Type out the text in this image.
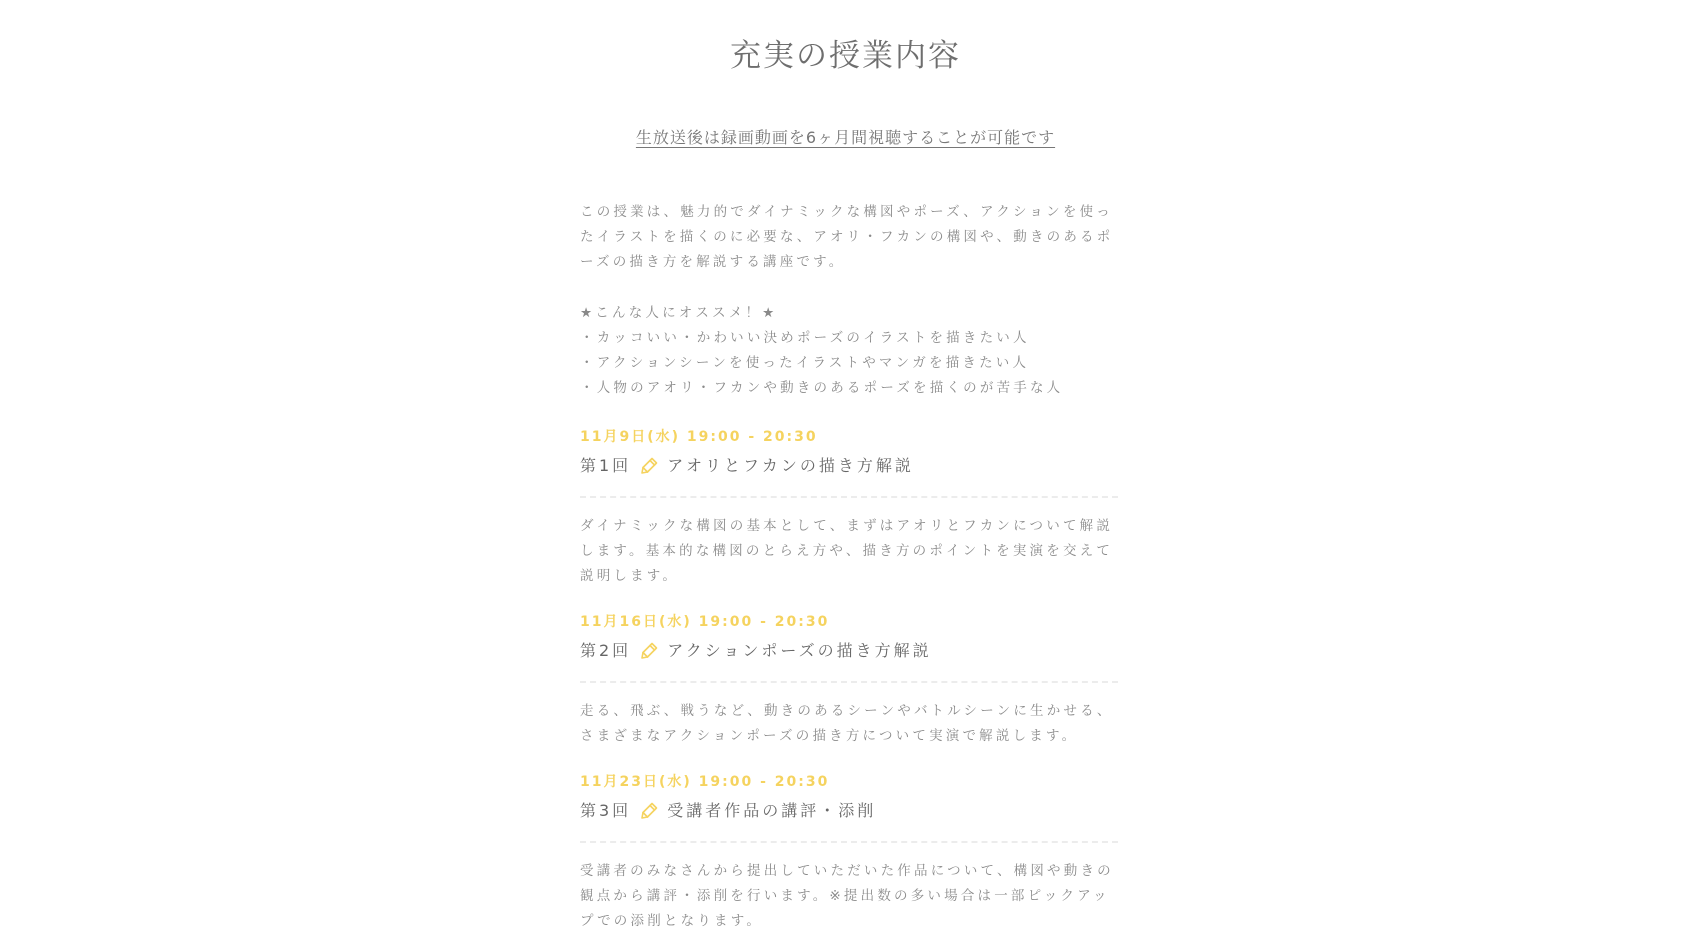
充実の授業内容
生放送後は録画動画を6ヶ月間視聴することが可能です

この授業は、魅力的でダイナミックな構図やポーズ、アクションを使ったイラストを描くのに必要な、アオリ・フカンの構図や、動きのあるポーズの描き方を解説する講座です。

★こんな人にオススメ！★
・カッコいい・かわいい決めポーズのイラストを描きたい人
・アクションシーンを使ったイラストやマンガを描きたい人
・人物のアオリ・フカンや動きのあるポーズを描くのが苦手な人
11月9日(水) 19:00 - 20:30
第1回 アオリとフカンの描き方解説
ダイナミックな構図の基本として、まずはアオリとフカンについて解説します。基本的な構図のとらえ方や、描き方のポイントを実演を交えて説明します。
11月16日(水) 19:00 - 20:30
第2回 アクションポーズの描き方解説
走る、飛ぶ、戦うなど、動きのあるシーンやバトルシーンに生かせる、さまざまなアクションポーズの描き方について実演で解説します。
11月23日(水) 19:00 - 20:30
第3回 受講者作品の講評・添削
受講者のみなさんから提出していただいた作品について、構図や動きの観点から講評・添削を行います。※提出数の多い場合は一部ピックアップでの添削となります。
